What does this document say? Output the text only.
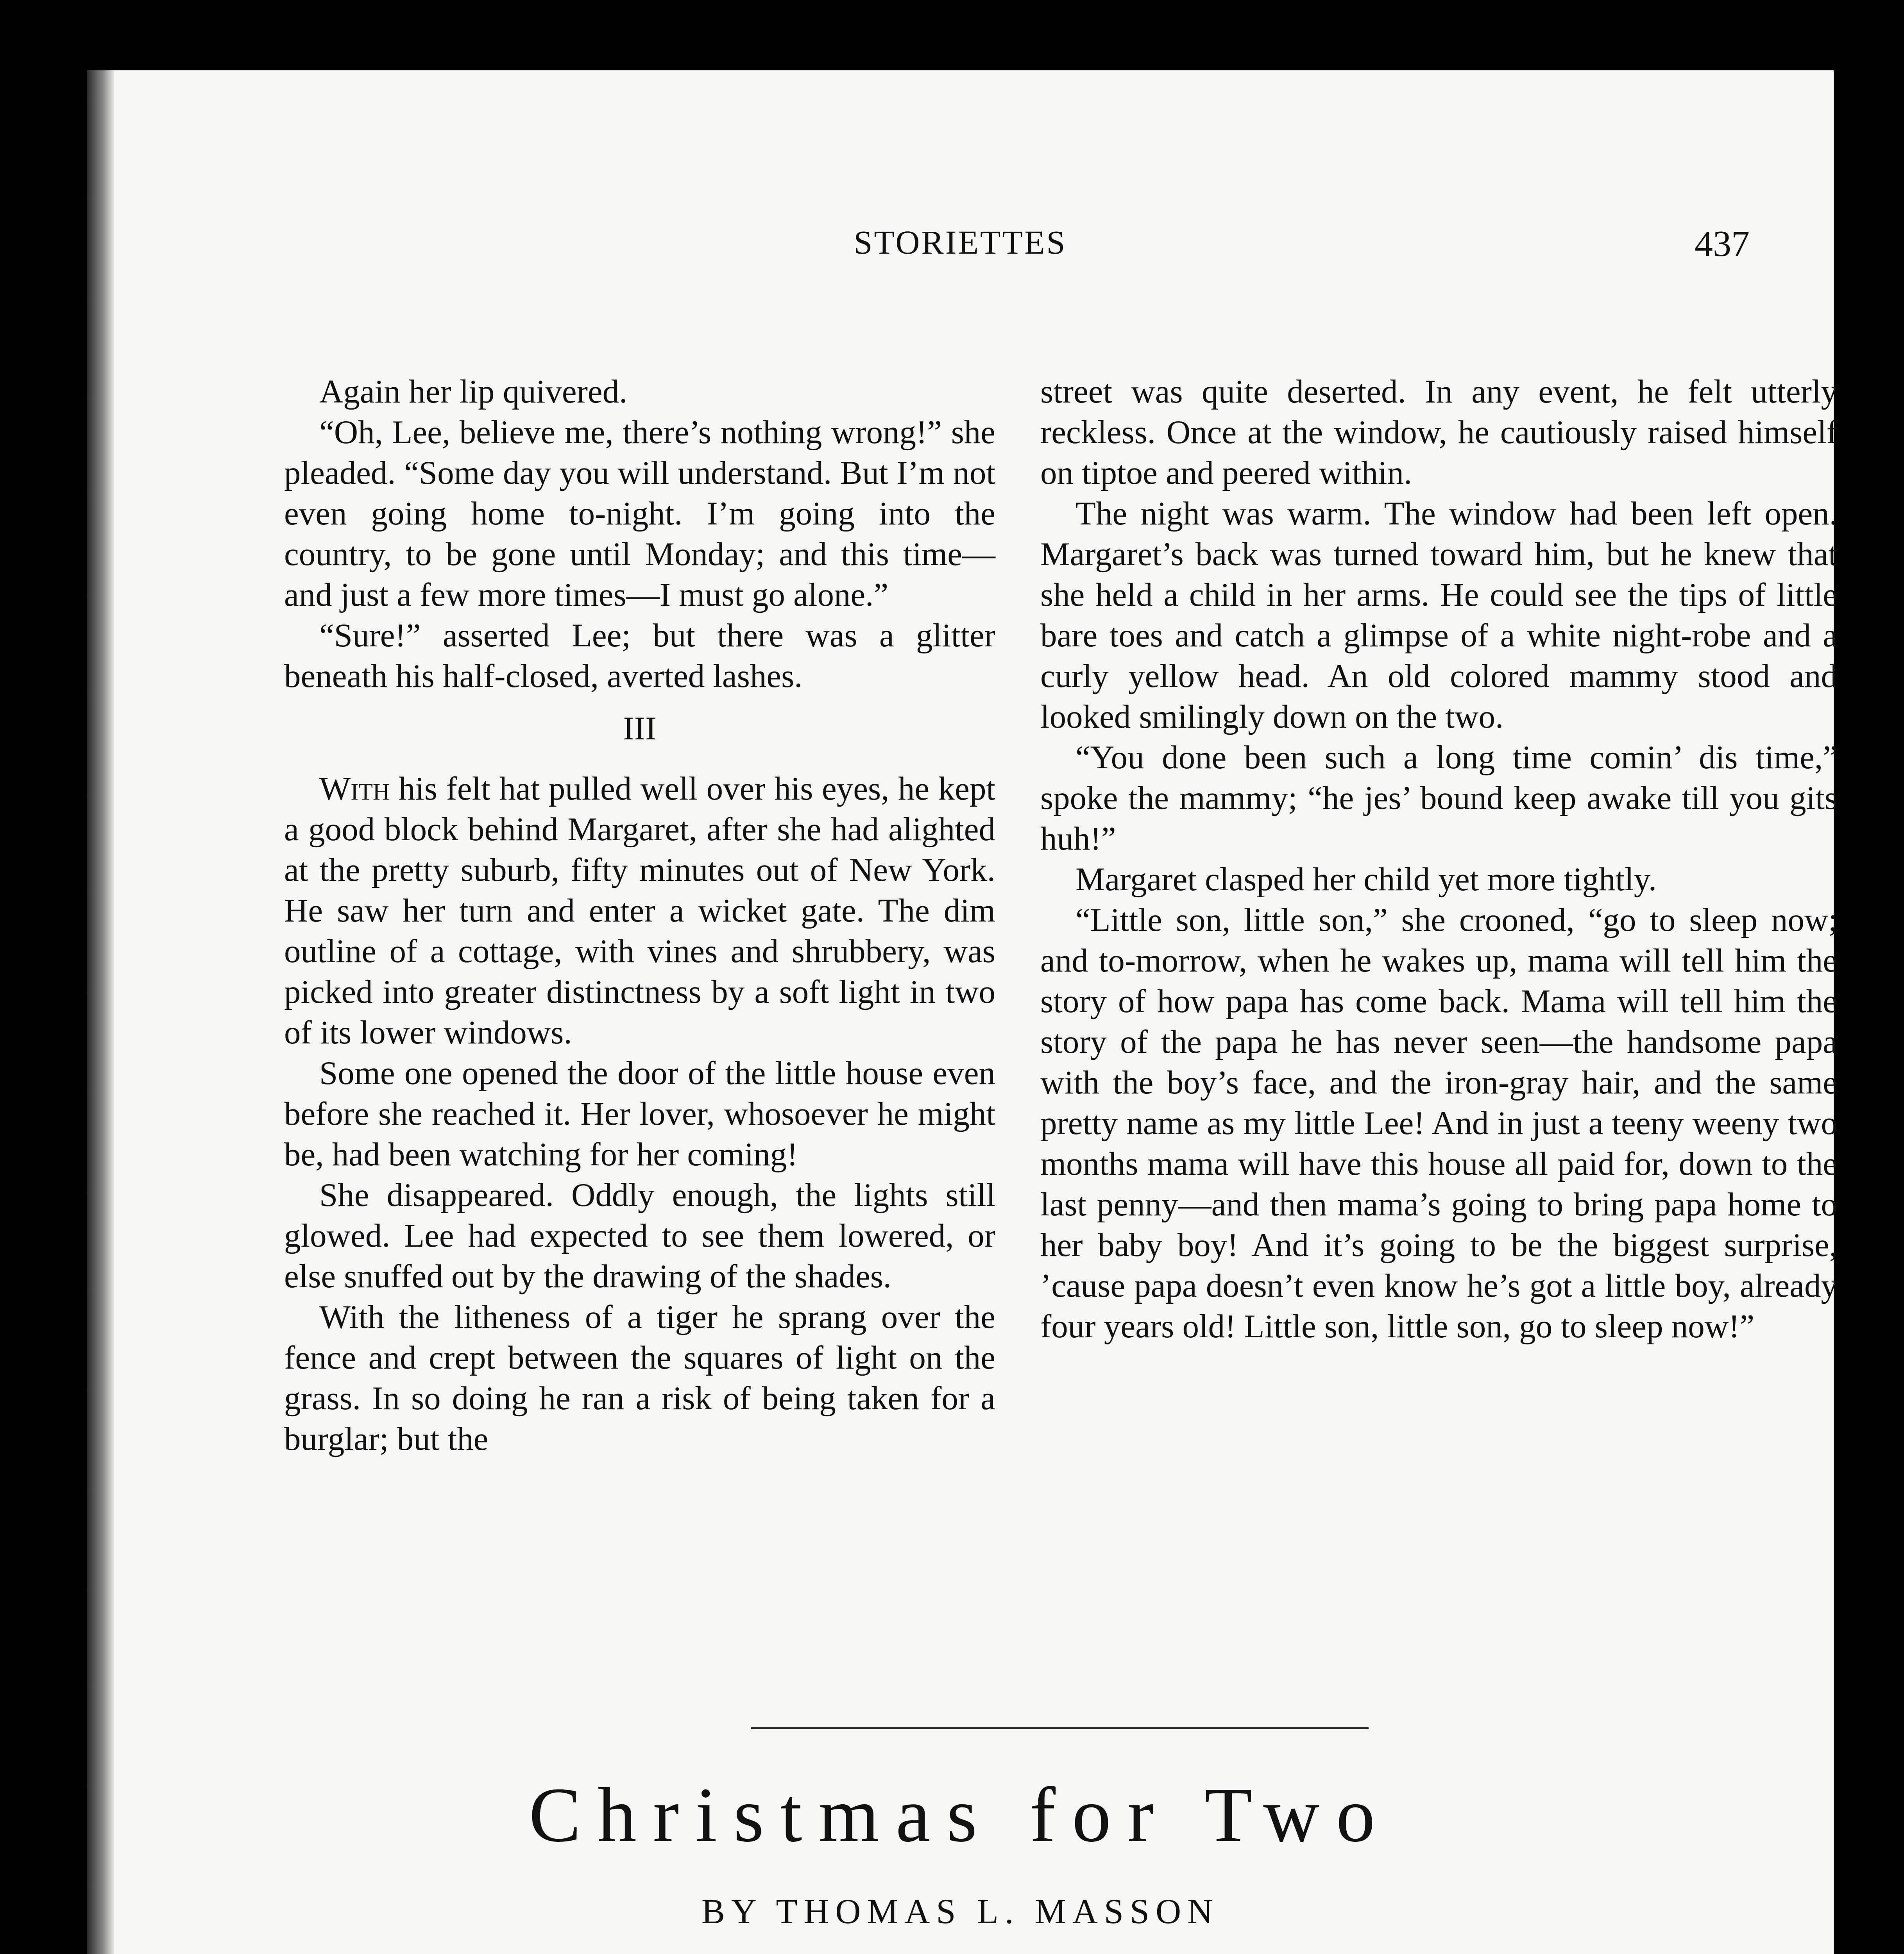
STORIETTES	437

Again her lip quivered.

“Oh, Lee, believe me, there’s nothing wrong!” she pleaded. “Some day you will understand. But I’m not even going home to-night. I’m going into the country, to be gone until Monday; and this time—and just a few more times—I must go alone.”

“Sure!” asserted Lee; but there was a glitter beneath his half-closed, averted lashes.

III

With his felt hat pulled well over his eyes, he kept a good block behind Margaret, after she had alighted at the pretty suburb, fifty minutes out of New York. He saw her turn and enter a wicket gate. The dim outline of a cottage, with vines and shrubbery, was picked into greater distinctness by a soft light in two of its lower windows.

Some one opened the door of the little house even before she reached it. Her lover, whosoever he might be, had been watching for her coming!

She disappeared. Oddly enough, the lights still glowed. Lee had expected to see them lowered, or else snuffed out by the drawing of the shades.

With the litheness of a tiger he sprang over the fence and crept between the squares of light on the grass. In so doing he ran a risk of being taken for a burglar; but the

street was quite deserted. In any event, he felt utterly reckless. Once at the window, he cautiously raised himself on tiptoe and peered within.

The night was warm. The window had been left open. Margaret’s back was turned toward him, but he knew that she held a child in her arms. He could see the tips of little bare toes and catch a glimpse of a white night-robe and a curly yellow head. An old colored mammy stood and looked smilingly down on the two.

“You done been such a long time comin’ dis time,” spoke the mammy; “he jes’ bound keep awake till you gits huh!”

Margaret clasped her child yet more tightly.

“Little son, little son,” she crooned, “go to sleep now; and to-morrow, when he wakes up, mama will tell him the story of how papa has come back. Mama will tell him the story of the papa he has never seen—the handsome papa with the boy’s face, and the iron-gray hair, and the same pretty name as my little Lee! And in just a teeny weeny two months mama will have this house all paid for, down to the last penny—and then mama’s going to bring papa home to her baby boy! And it’s going to be the biggest surprise, ’cause papa doesn’t even know he’s got a little boy, already four years old! Little son, little son, go to sleep now!”

Christmas for Two
BY THOMAS L. MASSON
